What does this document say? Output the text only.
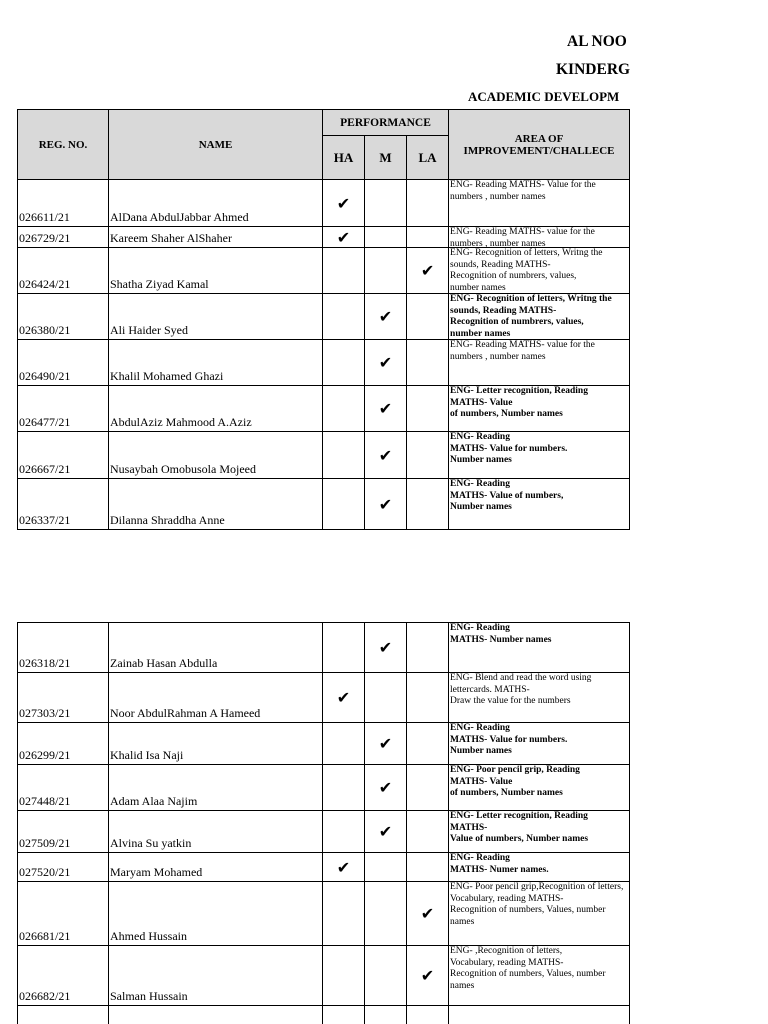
AL NOO
KINDERG
ACADEMIC DEVELOPM
REG. NO.	NAME	PERFORMANCE			AREA OF
IMPROVEMENT/CHALLECE
		HA	M	LA	
026611/21	AlDana AbdulJabbar Ahmed	✔			ENG- Reading MATHS- Value for the numbers , number names

026729/21	Kareem Shaher AlShaher	✔			ENG- Reading MATHS- value for the numbers , number names

026424/21	Shatha Ziyad Kamal			✔	ENG- Recognition of letters, Writng the sounds, Reading MATHS-
Recognition of numbrers, values,
number names

026380/21	Ali Haider Syed		✔		ENG- Recognition of letters, Writng the sounds, Reading MATHS-
Recognition of numbrers, values,
number names

026490/21	Khalil Mohamed Ghazi		✔		ENG- Reading MATHS- value for the numbers , number names

026477/21	AbdulAziz Mahmood A.Aziz		✔		ENG- Letter recognition, Reading
MATHS- Value
of numbers, Number names

026667/21	Nusaybah Omobusola Mojeed		✔		ENG- Reading
MATHS- Value for numbers.
Number names

026337/21	Dilanna Shraddha Anne		✔		ENG- Reading
MATHS- Value of numbers,
Number names
026318/21	Zainab Hasan Abdulla		✔		ENG- Reading
MATHS- Number names

027303/21	Noor AbdulRahman A Hameed	✔			ENG- Blend and read the word using lettercards. MATHS-
Draw the value for the numbers

026299/21	Khalid Isa Naji		✔		ENG- Reading
MATHS- Value for numbers.
Number names

027448/21	Adam Alaa Najim		✔		ENG- Poor pencil grip, Reading
MATHS- Value
of numbers, Number names

027509/21	Alvina Su yatkin		✔		ENG- Letter recognition, Reading
MATHS-
Value of numbers, Number names

027520/21	Maryam Mohamed	✔			ENG- Reading
MATHS- Numer names.

026681/21	Ahmed Hussain			✔	ENG- Poor pencil grip,Recognition of letters, Vocabulary, reading MATHS-
Recognition of numbers, Values, number names

026682/21	Salman Hussain			✔	ENG- ,Recognition of letters,
Vocabulary, reading MATHS-
Recognition of numbers, Values, number names
